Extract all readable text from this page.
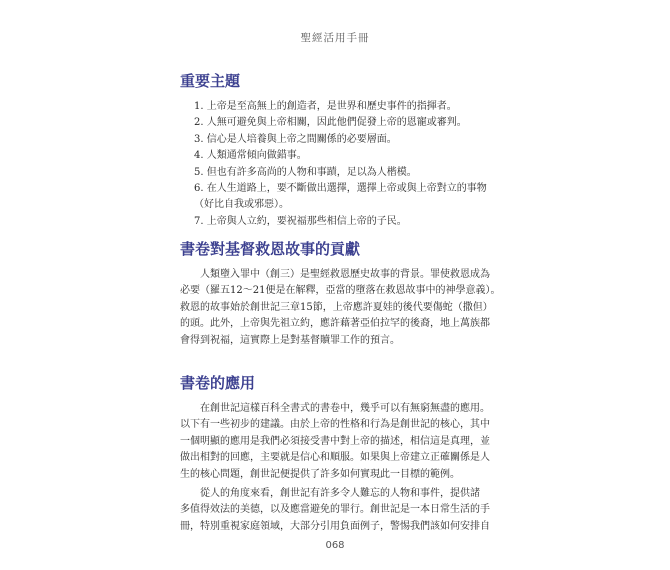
聖經活用手冊
重要主題
1. 上帝是至高無上的創造者，是世界和歷史事件的指揮者。
2. 人無可避免與上帝相關，因此他們促發上帝的恩寵或審判。
3. 信心是人培養與上帝之間關係的必要層面。
4. 人類通常傾向做錯事。
5. 但也有許多高尚的人物和事蹟，足以為人楷模。
6. 在人生道路上，要不斷做出選擇，選擇上帝或與上帝對立的事物
（好比自我或邪惡）。
7. 上帝與人立約，要祝福那些相信上帝的子民。
書卷對基督救恩故事的貢獻
人類墮入罪中（創三）是聖經救恩歷史故事的背景。罪使救恩成為
必要（羅五12～21便是在解釋，亞當的墮落在救恩故事中的神學意義）。
救恩的故事始於創世記三章15節，上帝應許夏娃的後代要傷蛇（撒但）
的頭。此外，上帝與先祖立約，應許藉著亞伯拉罕的後裔，地上萬族都
會得到祝福，這實際上是對基督贖罪工作的預言。
書卷的應用
在創世記這樣百科全書式的書卷中，幾乎可以有無窮無盡的應用。
以下有一些初步的建議。由於上帝的性格和行為是創世記的核心，其中
一個明顯的應用是我們必須接受書中對上帝的描述，相信這是真理，並
做出相對的回應，主要就是信心和順服。如果與上帝建立正確關係是人
生的核心問題，創世記便提供了許多如何實現此一目標的範例。
從人的角度來看，創世記有許多令人難忘的人物和事件，提供諸
多值得效法的美德，以及應當避免的罪行。創世記是一本日常生活的手
冊，特別重視家庭領域，大部分引用負面例子，警惕我們該如何安排自
068
